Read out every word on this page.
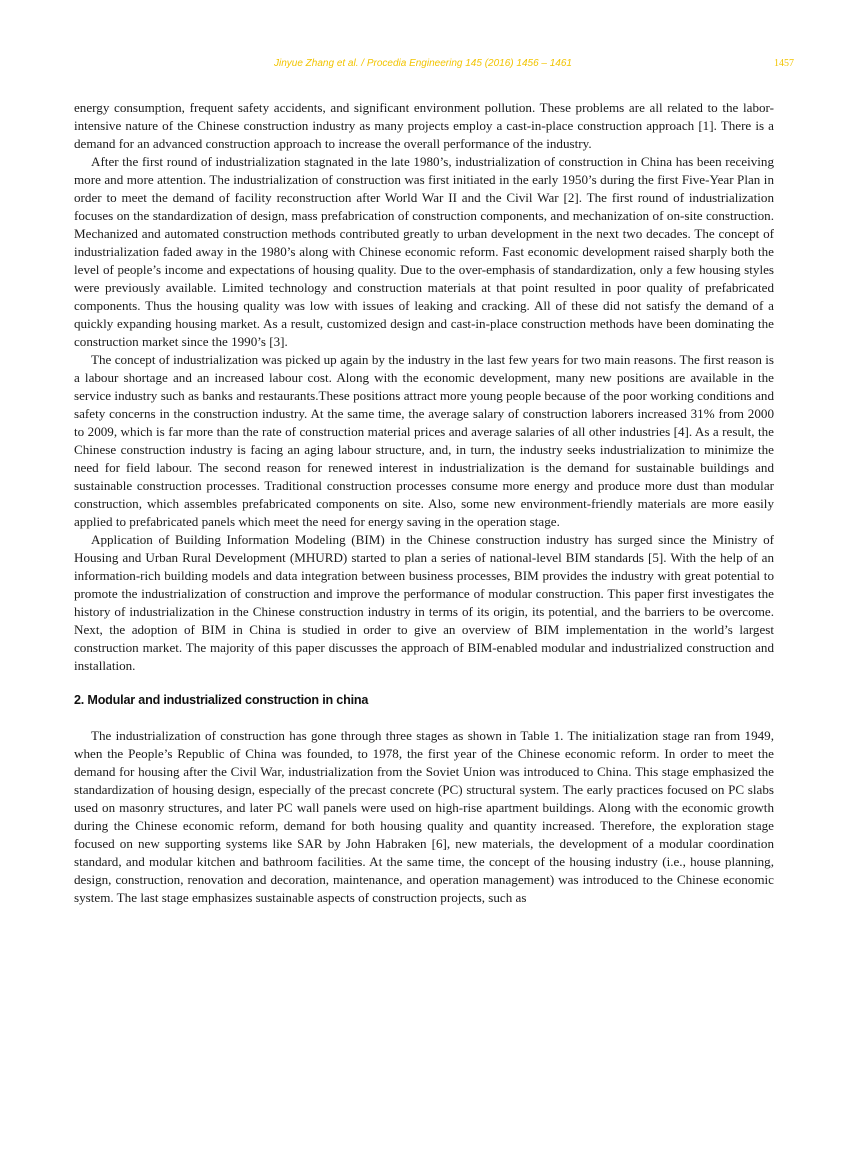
Jinyue Zhang et al. / Procedia Engineering 145 (2016) 1456 – 1461	1457

energy consumption, frequent safety accidents, and significant environment pollution. These problems are all related to the labor-intensive nature of the Chinese construction industry as many projects employ a cast-in-place construction approach [1]. There is a demand for an advanced construction approach to increase the overall performance of the industry.

After the first round of industrialization stagnated in the late 1980’s, industrialization of construction in China has been receiving more and more attention. The industrialization of construction was first initiated in the early 1950’s during the first Five-Year Plan in order to meet the demand of facility reconstruction after World War II and the Civil War [2]. The first round of industrialization focuses on the standardization of design, mass prefabrication of construction components, and mechanization of on-site construction. Mechanized and automated construction methods contributed greatly to urban development in the next two decades. The concept of industrialization faded away in the 1980’s along with Chinese economic reform. Fast economic development raised sharply both the level of people’s income and expectations of housing quality. Due to the over-emphasis of standardization, only a few housing styles were previously available. Limited technology and construction materials at that point resulted in poor quality of prefabricated components. Thus the housing quality was low with issues of leaking and cracking. All of these did not satisfy the demand of a quickly expanding housing market. As a result, customized design and cast-in-place construction methods have been dominating the construction market since the 1990’s [3].

The concept of industrialization was picked up again by the industry in the last few years for two main reasons. The first reason is a labour shortage and an increased labour cost. Along with the economic development, many new positions are available in the service industry such as banks and restaurants.These positions attract more young people because of the poor working conditions and safety concerns in the construction industry. At the same time, the average salary of construction laborers increased 31% from 2000 to 2009, which is far more than the rate of construction material prices and average salaries of all other industries [4]. As a result, the Chinese construction industry is facing an aging labour structure, and, in turn, the industry seeks industrialization to minimize the need for field labour. The second reason for renewed interest in industrialization is the demand for sustainable buildings and sustainable construction processes. Traditional construction processes consume more energy and produce more dust than modular construction, which assembles prefabricated components on site. Also, some new environment-friendly materials are more easily applied to prefabricated panels which meet the need for energy saving in the operation stage.

Application of Building Information Modeling (BIM) in the Chinese construction industry has surged since the Ministry of Housing and Urban Rural Development (MHURD) started to plan a series of national-level BIM standards [5]. With the help of an information-rich building models and data integration between business processes, BIM provides the industry with great potential to promote the industrialization of construction and improve the performance of modular construction. This paper first investigates the history of industrialization in the Chinese construction industry in terms of its origin, its potential, and the barriers to be overcome. Next, the adoption of BIM in China is studied in order to give an overview of BIM implementation in the world’s largest construction market. The majority of this paper discusses the approach of BIM-enabled modular and industrialized construction and installation.

2. Modular and industrialized construction in china

The industrialization of construction has gone through three stages as shown in Table 1. The initialization stage ran from 1949, when the People’s Republic of China was founded, to 1978, the first year of the Chinese economic reform. In order to meet the demand for housing after the Civil War, industrialization from the Soviet Union was introduced to China. This stage emphasized the standardization of housing design, especially of the precast concrete (PC) structural system. The early practices focused on PC slabs used on masonry structures, and later PC wall panels were used on high-rise apartment buildings. Along with the economic growth during the Chinese economic reform, demand for both housing quality and quantity increased. Therefore, the exploration stage focused on new supporting systems like SAR by John Habraken [6], new materials, the development of a modular coordination standard, and modular kitchen and bathroom facilities. At the same time, the concept of the housing industry (i.e., house planning, design, construction, renovation and decoration, maintenance, and operation management) was introduced to the Chinese economic system. The last stage emphasizes sustainable aspects of construction projects, such as
